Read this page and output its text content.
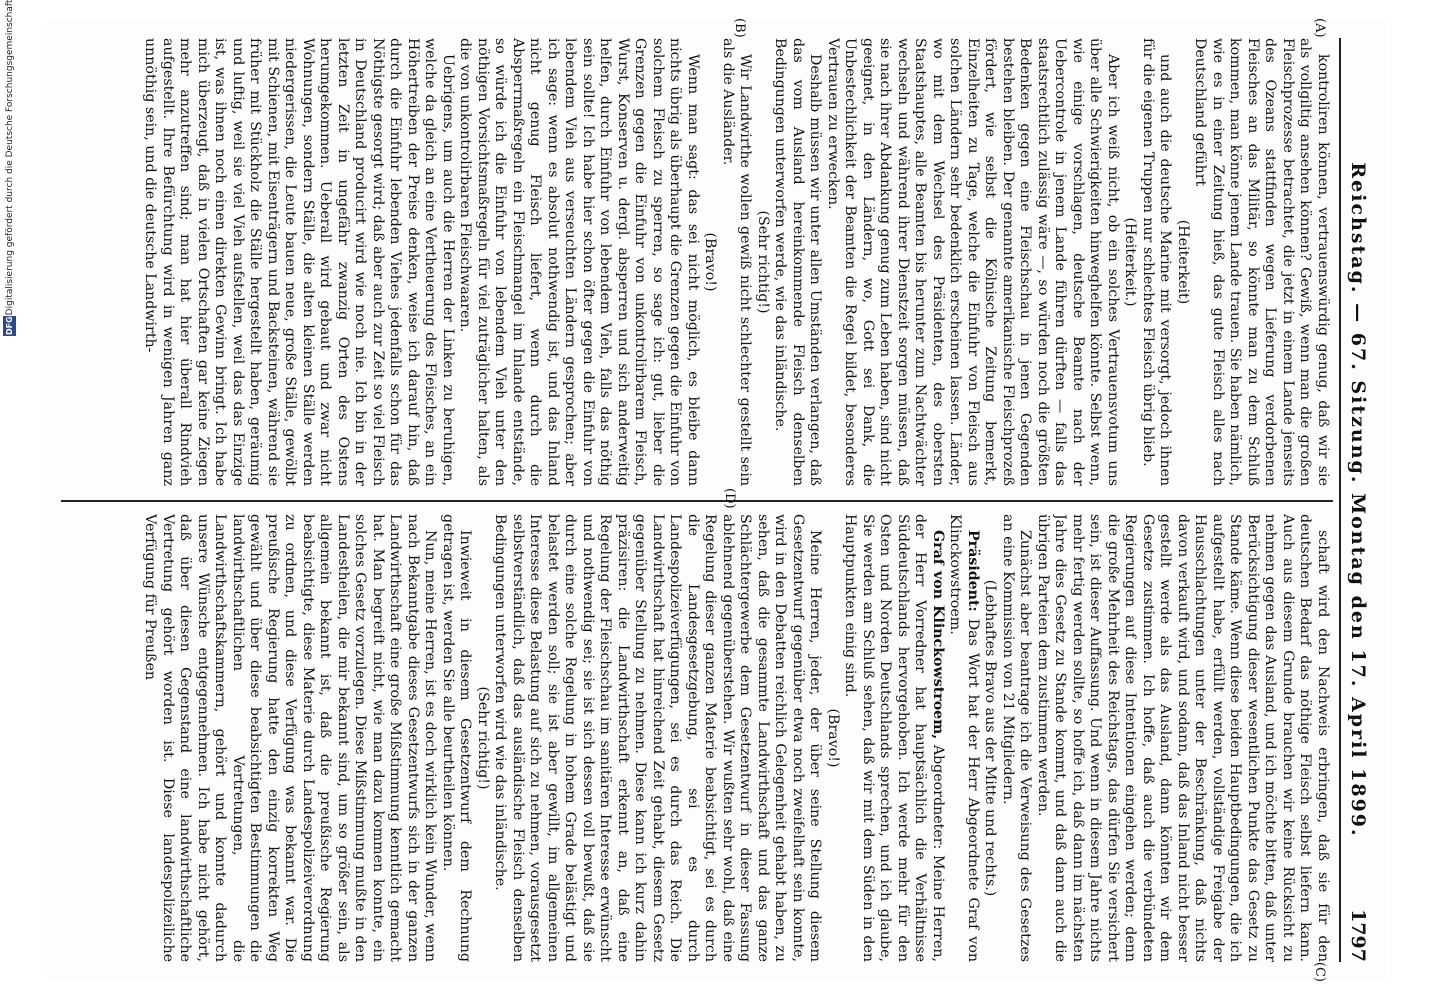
DFGDigitalisierung gefördert durch die Deutsche Forschungsgemeinschaft
Reichstag. — 67. Sitzung. Montag den 17. April 1899.
1797

kontroliren können, vertrauenswürdig genug, daß wir sie als vollgiltig ansehen können? Gewiß, wenn man die großen Fleischprozesse betrachtet, die jetzt in einem Lande jenseits des Ozeans stattfinden wegen Lieferung verdorbenen Fleisches an das Militär, so könnte man zu dem Schluß kommen, man könne jenem Lande trauen. Sie haben nämlich, wie es in einer Zeitung hieß, das gute Fleisch alles nach Deutschland geführt

(Heiterkeit)

und auch die deutsche Marine mit versorgt, jedoch ihnen für die eigenen Truppen nur schlechtes Fleisch übrig blieb.

(Heiterkeit.)

Aber ich weiß nicht, ob ein solches Vertrauensvotum uns über alle Schwierigkeiten hinweghelfen könnte. Selbst wenn, wie einige vorschlagen, deutsche Beamte nach der Uebercontrole in jenem Lande führen dürften — falls das staatsrechtlich zulässig wäre —, so würden noch die größten Bedenken gegen eine Fleischschau in jenen Gegenden bestehen bleiben. Der genannte amerikanische Fleischprozeß fördert, wie selbst die Kölnische Zeitung bemerkt, Einzelheiten zu Tage, welche die Einfuhr von Fleisch aus solchen Ländern sehr bedenklich erscheinen lassen. Länder, wo mit dem Wechsel des Präsidenten, des obersten Staatshauptes, alle Beamten bis herunter zum Nachtwächter wechseln und während ihrer Dienstzeit sorgen müssen, daß sie nach ihrer Abdankung genug zum Leben haben, sind nicht geeignet, in den Ländern, wo, Gott sei Dank, die Unbestechlichkeit der Beamten die Regel bildet, besonderes Vertrauen zu erwecken.

Deshalb müssen wir unter allen Umständen verlangen, daß das vom Ausland hereinkommende Fleisch denselben Bedingungen unterworfen werde, wie das inländische.

(Sehr richtig!)

Wir Landwirthe wollen gewiß nicht schlechter gestellt sein als die Ausländer.

(Bravo!)

Wenn man sagt: das sei nicht möglich, es bleibe dann nichts übrig als überhaupt die Grenzen gegen die Einfuhr von solchem Fleisch zu sperren, so sage ich: gut, lieber die Grenzen gegen die Einfuhr von unkontrolirbarem Fleisch, Wurst, Konserven u. dergl. absperren und sich anderweitig helfen, durch Einfuhr von lebendem Vieh, falls das nöthig sein sollte! Ich habe hier schon öfter gegen die Einfuhr von lebendem Vieh aus verseuchten Ländern gesprochen; aber ich sage: wenn es absolut nothwendig ist, und das Inland nicht genug Fleisch liefert, wenn durch die Absperrmaßregeln ein Fleischmangel im Inlande entstände, so würde ich die Einfuhr von lebendem Vieh unter den nöthigen Vorsichtsmaßregeln für viel zuträglicher halten, als die von unkontrolirbaren Fleischwaaren.

Uebrigens, um auch die Herren der Linken zu beruhigen, welche da gleich an eine Vertheuerung des Fleisches, an ein Höhertreiben der Preise denken, weise ich darauf hin, daß durch die Einfuhr lebenden Viehes jedenfalls schon für das Nöthigste gesorgt wird; daß aber auch zur Zeit so viel Fleisch in Deutschland producirt wird wie noch nie. Ich bin in der letzten Zeit in ungefähr zwanzig Orten des Ostens herumgekommen. Ueberall wird gebaut und zwar nicht Wohnungen, sondern Ställe, die alten kleinen Ställe werden niedergerissen, die Leute bauen neue, große Ställe, gewölbt mit Schienen, mit Eisenträgern und Backsteinen, während sie früher mit Stückholz die Ställe hergestellt haben, geräumig und luftig, weil sie viel Vieh aufstellen, weil das das Einzige ist, was ihnen noch einen direkten Gewinn bringt. Ich habe mich überzeugt, daß in vielen Ortschaften gar keine Ziegen mehr anzutreffen sind; man hat hier überall Rindvieh aufgestellt. Ihre Befürchtung wird in wenigen Jahren ganz unnöthig sein, und die deutsche Landwirth-

schaft wird den Nachweis erbringen, daß sie für den deutschen Bedarf das nöthige Fleisch selbst liefern kann. Auch aus diesem Grunde brauchen wir keine Rücksicht zu nehmen gegen das Ausland, und ich möchte bitten, daß unter Berücksichtigung dieser wesentlichen Punkte das Gesetz zu Stande käme. Wenn diese beiden Hauptbedingungen, die ich aufgestellt habe, erfüllt werden, vollständige Freigabe der Hausschlachtungen unter der Beschränkung, daß nichts davon verkauft wird, und sodann, daß das Inland nicht besser gestellt werde als das Ausland, dann könnten wir dem Gesetze zustimmen. Ich hoffe, daß auch die verbündeten Regierungen auf diese Intentionen eingehen werden; denn die große Mehrheit des Reichstags, das dürfen Sie versichert sein, ist dieser Auffassung. Und wenn in diesem Jahre nichts mehr fertig werden sollte, so hoffe ich, daß dann im nächsten Jahre dies Gesetz zu Stande kommt, und daß dann auch die übrigen Parteien dem zustimmen werden.

Zunächst aber beantrage ich die Verweisung des Gesetzes an eine Kommission von 21 Mitgliedern.

(Lebhaftes Bravo aus der Mitte und rechts.)

Präsident: Das Wort hat der Herr Abgeordnete Graf von Klinckowstroem.

Graf von Klinckowstroem, Abgeordneter: Meine Herren, der Herr Vorredner hat hauptsächlich die Verhältnisse Süddeutschlands hervorgehoben. Ich werde mehr für den Osten und Norden Deutschlands sprechen, und ich glaube, Sie werden am Schluß sehen, daß wir mit dem Süden in den Hauptpunkten einig sind.

(Bravo!)

Meine Herren, jeder, der über seine Stellung diesem Gesetzentwurf gegenüber etwa noch zweifelhaft sein konnte, wird in den Debatten reichlich Gelegenheit gehabt haben, zu sehen, daß die gesammte Landwirthschaft und das ganze Schlächtergewerbe dem Gesetzentwurf in dieser Fassung ablehnend gegenüberstehen. Wir wußten sehr wohl, daß eine Regelung dieser ganzen Materie beabsichtigt, sei es durch die Landesgesetzgebung, sei es durch Landespolizeiverfügungen, sei es durch das Reich. Die Landwirthschaft hat hinreichend Zeit gehabt, diesem Gesetz gegenüber Stellung zu nehmen. Diese kann ich kurz dahin präzisiren: die Landwirthschaft erkennt an, daß eine Regelung der Fleischschau im sanitären Interesse erwünscht und nothwendig sei; sie ist sich dessen voll bewußt, daß sie durch eine solche Regelung in hohem Grade belästigt und belastet werden soll; sie ist aber gewillt, im allgemeinen Interesse diese Belastung auf sich zu nehmen, vorausgesetzt selbstverständlich, daß das ausländische Fleisch denselben Bedingungen unterworfen wird wie das inländische.

(Sehr richtig!)

Inwieweit in diesem Gesetzentwurf dem Rechnung getragen ist, werden Sie alle beurtheilen können.

Nun, meine Herren, ist es doch wirklich kein Wunder, wenn nach Bekanntgabe dieses Gesetzentwurfs sich in der ganzen Landwirthschaft eine große Mißstimmung kenntlich gemacht hat. Man begreift nicht, wie man dazu kommen konnte, ein solches Gesetz vorzulegen. Diese Mißstimmung mußte in den Landestheilen, die mir bekannt sind, um so größer sein, als allgemein bekannt ist, daß die preußische Regierung beabsichtigte, diese Materie durch Landespolizeiverordnung zu ordnen, und diese Verfügung was bekannt war. Die preußische Regierung hatte den einzig korrekten Weg gewählt und über diese beabsichtigten Bestimmungen die landwirthschaftlichen Vertretungen, die Landwirthschaftskammern, gehört und konnte dadurch unsere Wünsche entgegennehmen. Ich habe nicht gehört, daß über diesen Gegenstand eine landwirthschaftliche Vertretung gehört worden ist. Diese landespolizeiliche Verfügung für Preußen

(A)
(B)
(C)
(D)
